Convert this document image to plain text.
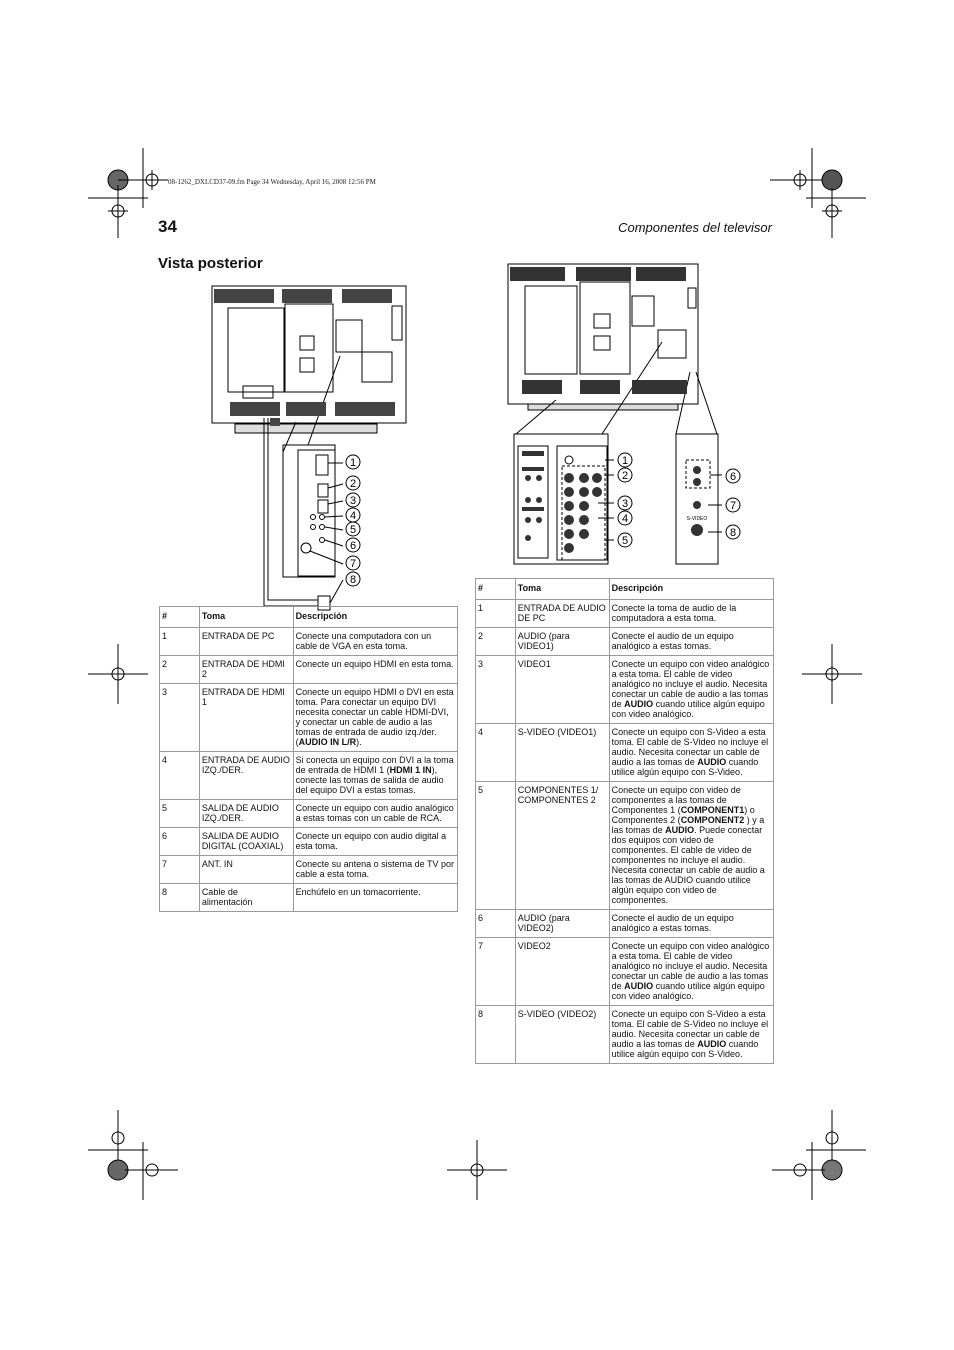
08-1262_DXLCD37-09.fm Page 34 Wednesday, April 16, 2008 12:56 PM
34	Componentes del televisor
Vista posterior
1
2
3
4
5
6
7
8
S-VIDEO
1
2
3
4
5
6
7
8
#	Toma	Descripción
1	ENTRADA DE PC	Conecte una computadora con un cable de VGA en esta toma.
2	ENTRADA DE HDMI 2	Conecte un equipo HDMI en esta toma.
3	ENTRADA DE HDMI 1	Conecte un equipo HDMI o DVI en esta toma. Para conectar un equipo DVI necesita conectar un cable HDMI-DVI, y conectar un cable de audio a las tomas de entrada de audio izq./der. (AUDIO IN L/R).
4	ENTRADA DE AUDIO IZQ./DER.	Si conecta un equipo con DVI a la toma de entrada de HDMI 1 (HDMI 1 IN), conecte las tomas de salida de audio del equipo DVI a estas tomas.
5	SALIDA DE AUDIO IZQ./DER.	Conecte un equipo con audio analógico a estas tomas con un cable de RCA.
6	SALIDA DE AUDIO DIGITAL (COAXIAL)	Conecte un equipo con audio digital a esta toma.
7	ANT. IN	Conecte su antena o sistema de TV por cable a esta toma.
8	Cable de alimentación	Enchúfelo en un tomacorriente.
#	Toma	Descripción
1	ENTRADA DE AUDIO DE PC	Conecte la toma de audio de la computadora a esta toma.
2	AUDIO (para VIDEO1)	Conecte el audio de un equipo analógico a estas tomas.
3	VIDEO1	Conecte un equipo con video analógico a esta toma. El cable de video analógico no incluye el audio. Necesita conectar un cable de audio a las tomas de AUDIO cuando utilice algún equipo con video analógico.
4	S-VIDEO (VIDEO1)	Conecte un equipo con S-Video a esta toma. El cable de S-Video no incluye el audio. Necesita conectar un cable de audio a las tomas de AUDIO cuando utilice algún equipo con S-Video.
5	COMPONENTES 1/ COMPONENTES 2	Conecte un equipo con video de componentes a las tomas de Componentes 1 (COMPONENT1) o Componentes 2 (COMPONENT2 ) y a las tomas de AUDIO. Puede conectar dos equipos con video de componentes. El cable de video de componentes no incluye el audio. Necesita conectar un cable de audio a las tomas de AUDIO cuando utilice algún equipo con video de componentes.
6	AUDIO (para VIDEO2)	Conecte el audio de un equipo analógico a estas tomas.
7	VIDEO2	Conecte un equipo con video analógico a esta toma. El cable de video analógico no incluye el audio. Necesita conectar un cable de audio a las tomas de AUDIO cuando utilice algún equipo con video analógico.
8	S-VIDEO (VIDEO2)	Conecte un equipo con S-Video a esta toma. El cable de S-Video no incluye el audio. Necesita conectar un cable de audio a las tomas de AUDIO cuando utilice algún equipo con S-Video.
